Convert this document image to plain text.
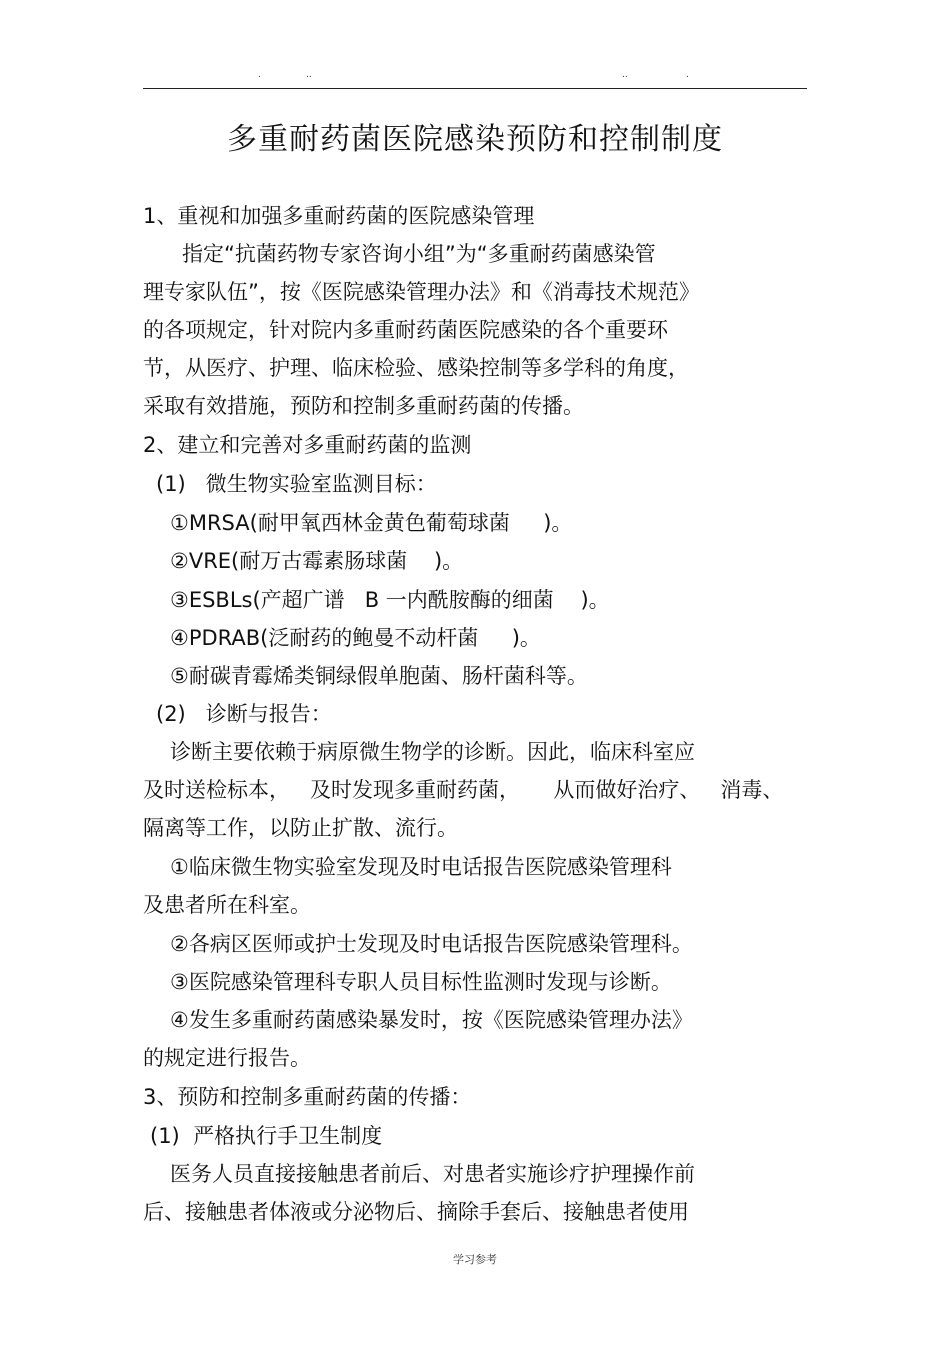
.	..	..	.
多重耐药菌医院感染预防和控制制度
1、重视和加强多重耐药菌的医院感染管理
指定“抗菌药物专家咨询小组”为“多重耐药菌感染管
理专家队伍”，按《医院感染管理办法》和《消毒技术规范》
的各项规定，针对院内多重耐药菌医院感染的各个重要环
节，从医疗、护理、临床检验、感染控制等多学科的角度，
采取有效措施，预防和控制多重耐药菌的传播。
2、建立和完善对多重耐药菌的监测
(1)   微生物实验室监测目标：
①MRSA(耐甲氧西林金黄色葡萄球菌     )。
②VRE(耐万古霉素肠球菌    )。
③ESBLs(产超广谱   B 一内酰胺酶的细菌    )。
④PDRAB(泛耐药的鲍曼不动杆菌     )。
⑤耐碳青霉烯类铜绿假单胞菌、肠杆菌科等。
(2)   诊断与报告：
诊断主要依赖于病原微生物学的诊断。因此，临床科室应
及时送检标本，   及时发现多重耐药菌，     从而做好治疗、   消毒、
隔离等工作，以防止扩散、流行。
①临床微生物实验室发现及时电话报告医院感染管理科
及患者所在科室。
②各病区医师或护士发现及时电话报告医院感染管理科。
③医院感染管理科专职人员目标性监测时发现与诊断。
④发生多重耐药菌感染暴发时，按《医院感染管理办法》
的规定进行报告。
3、预防和控制多重耐药菌的传播：
(1)  严格执行手卫生制度
医务人员直接接触患者前后、对患者实施诊疗护理操作前
后、接触患者体液或分泌物后、摘除手套后、接触患者使用
学习参考
